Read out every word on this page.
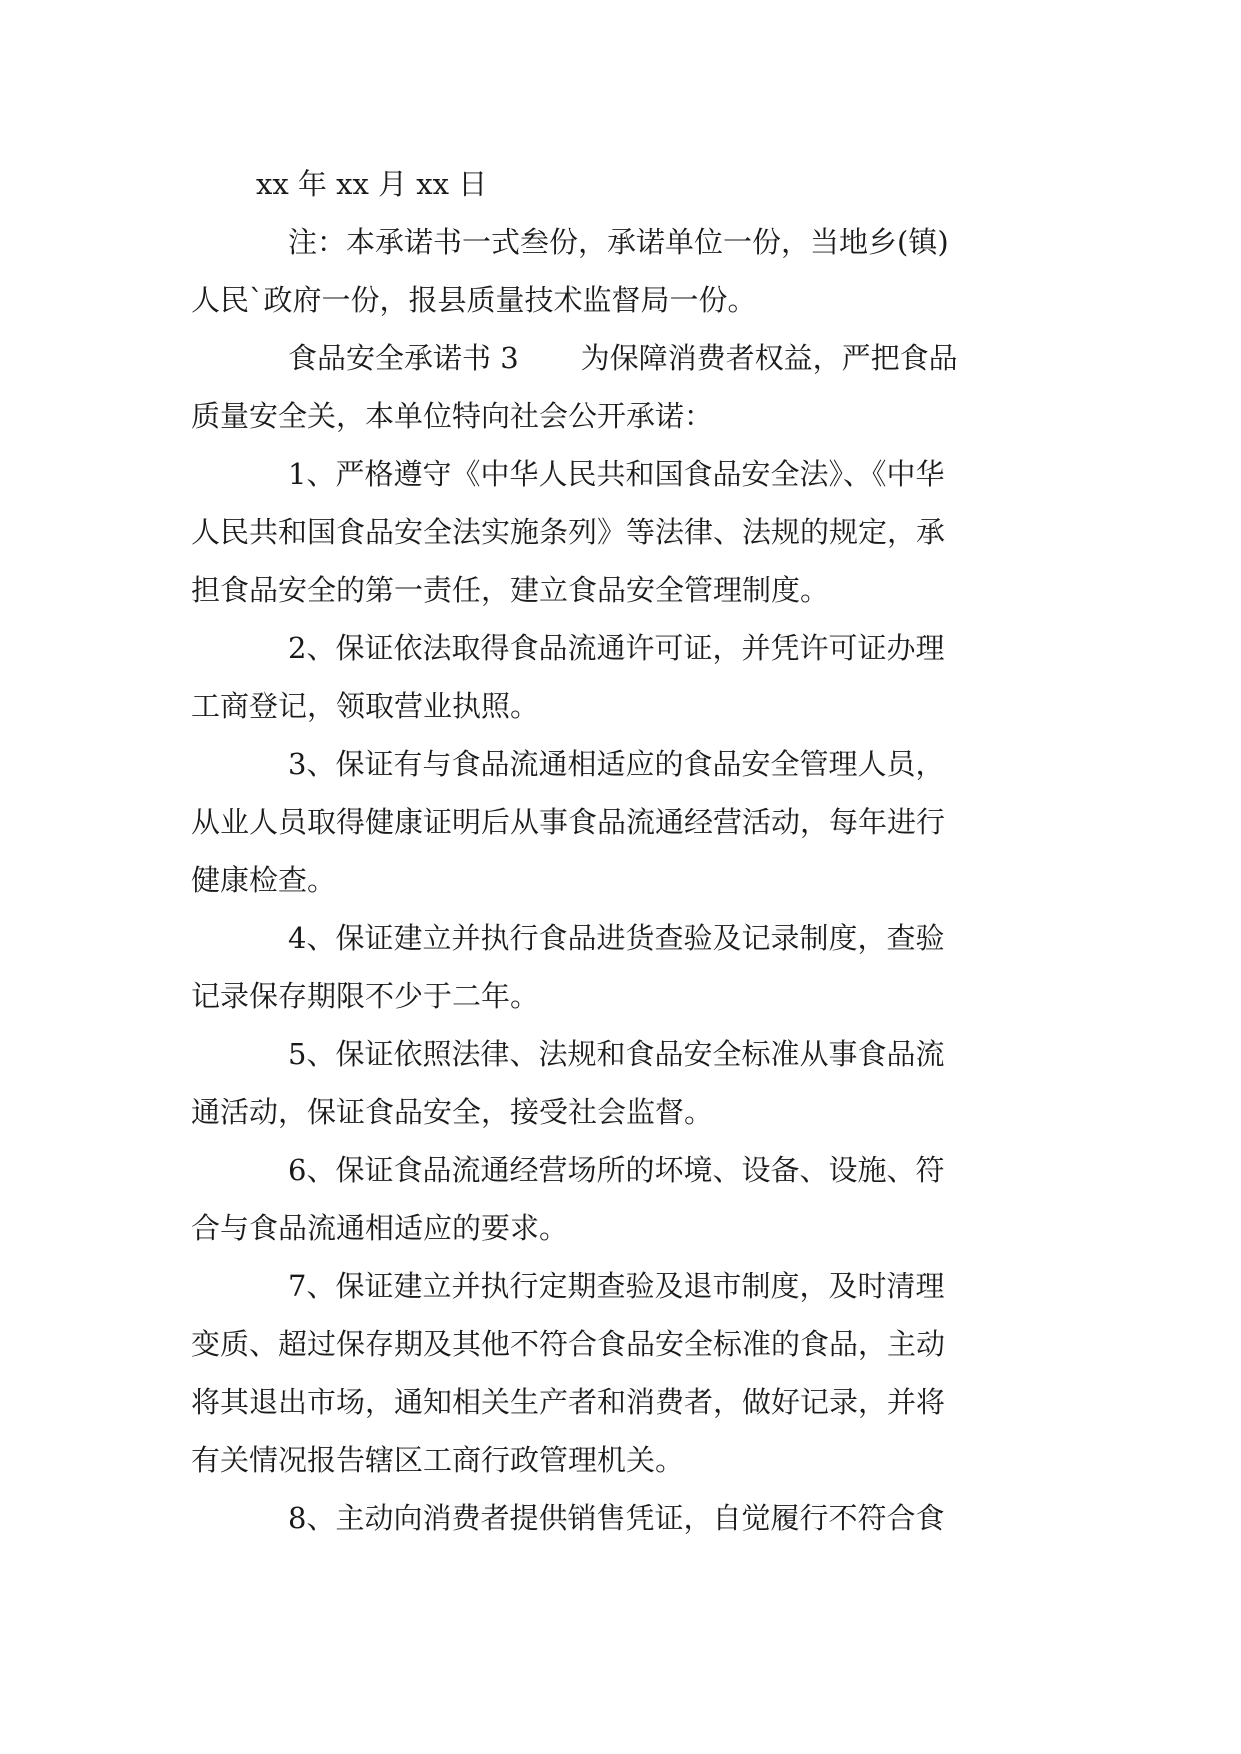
xx 年 xx 月 xx 日
注：本承诺书一式叁份，承诺单位一份，当地乡(镇)
人民`政府一份，报县质量技术监督局一份。
食品安全承诺书 3 为保障消费者权益，严把食品
质量安全关，本单位特向社会公开承诺：
1、严格遵守《中华人民共和国食品安全法》、《中华
人民共和国食品安全法实施条列》等法律、法规的规定，承
担食品安全的第一责任，建立食品安全管理制度。
2、保证依法取得食品流通许可证，并凭许可证办理
工商登记，领取营业执照。
3、保证有与食品流通相适应的食品安全管理人员，
从业人员取得健康证明后从事食品流通经营活动，每年进行
健康检查。
4、保证建立并执行食品进货查验及记录制度，查验
记录保存期限不少于二年。
5、保证依照法律、法规和食品安全标准从事食品流
通活动，保证食品安全，接受社会监督。
6、保证食品流通经营场所的坏境、设备、设施、符
合与食品流通相适应的要求。
7、保证建立并执行定期查验及退市制度，及时清理
变质、超过保存期及其他不符合食品安全标准的食品，主动
将其退出市场，通知相关生产者和消费者，做好记录，并将
有关情况报告辖区工商行政管理机关。
8、主动向消费者提供销售凭证，自觉履行不符合食
